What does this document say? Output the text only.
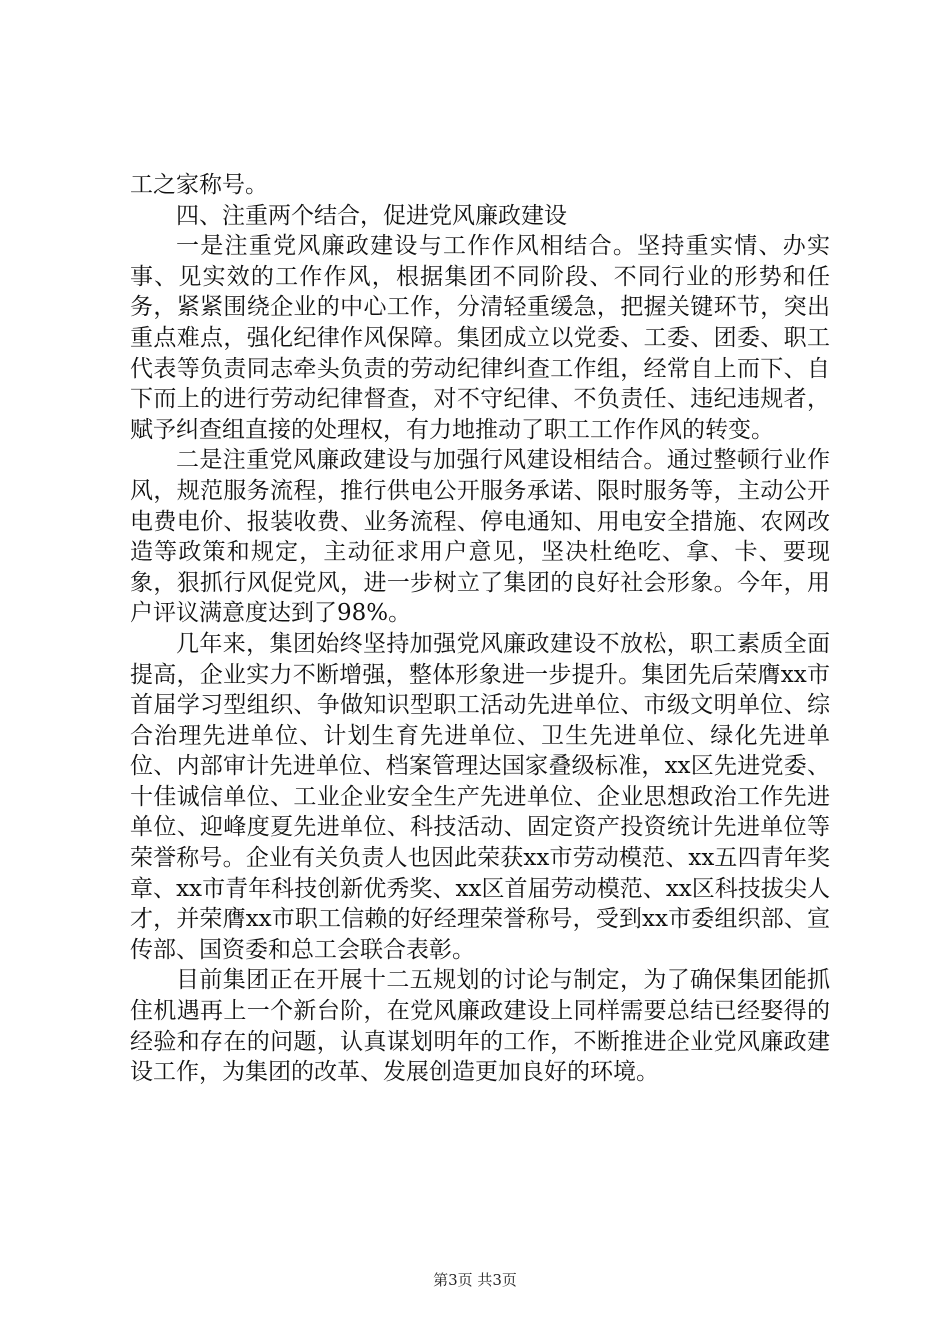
工之家称号。

四、注重两个结合，促进党风廉政建设

一是注重党风廉政建设与工作作风相结合。坚持重实情、办实事、见实效的工作作风，根据集团不同阶段、不同行业的形势和任务，紧紧围绕企业的中心工作，分清轻重缓急，把握关键环节，突出重点难点，强化纪律作风保障。集团成立以党委、工委、团委、职工代表等负责同志牵头负责的劳动纪律纠查工作组，经常自上而下、自下而上的进行劳动纪律督查，对不守纪律、不负责任、违纪违规者，赋予纠查组直接的处理权，有力地推动了职工工作作风的转变。

二是注重党风廉政建设与加强行风建设相结合。通过整顿行业作风，规范服务流程，推行供电公开服务承诺、限时服务等，主动公开电费电价、报装收费、业务流程、停电通知、用电安全措施、农网改造等政策和规定，主动征求用户意见，坚决杜绝吃、拿、卡、要现象，狠抓行风促党风，进一步树立了集团的良好社会形象。今年，用户评议满意度达到了98%。

几年来，集团始终坚持加强党风廉政建设不放松，职工素质全面提高，企业实力不断增强，整体形象进一步提升。集团先后荣膺xx市首届学习型组织、争做知识型职工活动先进单位、市级文明单位、综合治理先进单位、计划生育先进单位、卫生先进单位、绿化先进单位、内部审计先进单位、档案管理达国家叠级标准，xx区先进党委、十佳诚信单位、工业企业安全生产先进单位、企业思想政治工作先进单位、迎峰度夏先进单位、科技活动、固定资产投资统计先进单位等荣誉称号。企业有关负责人也因此荣获xx市劳动模范、xx五四青年奖章、xx市青年科技创新优秀奖、xx区首届劳动模范、xx区科技拔尖人才，并荣膺xx市职工信赖的好经理荣誉称号，受到xx市委组织部、宣传部、国资委和总工会联合表彰。

目前集团正在开展十二五规划的讨论与制定，为了确保集团能抓住机遇再上一个新台阶，在党风廉政建设上同样需要总结已经娶得的经验和存在的问题，认真谋划明年的工作，不断推进企业党风廉政建设工作，为集团的改革、发展创造更加良好的环境。

第3页 共3页
